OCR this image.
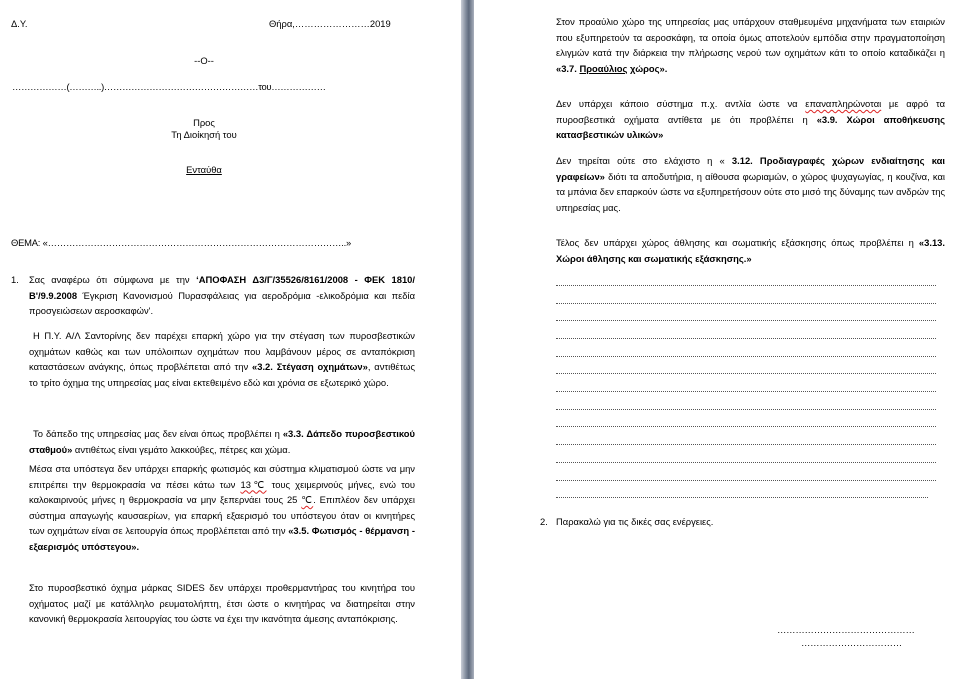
Δ.Υ.	Θήρα,……………………2019
--O--
………………(………..)……………………………………………του………………
Προς
Τη Διοίκησή του
Ενταύθα
ΘΕΜΑ: «……………………………………………………………………………………..»
1. Σας αναφέρω ότι σύμφωνα με την ‘ΑΠΟΦΑΣΗ Δ3/Γ/35526/8161/2008 - ΦΕΚ 1810/Β'/9.9.2008 Έγκριση Κανονισμού Πυρασφάλειας για αεροδρόμια -ελικοδρόμια και πεδία προσγειώσεων αεροσκαφών'.
Η Π.Υ. Α/Λ Σαντορίνης δεν παρέχει επαρκή χώρο για την στέγαση των πυροσβεστικών οχημάτων καθώς και των υπόλοιπων οχημάτων που λαμβάνουν μέρος σε ανταπόκριση καταστάσεων ανάγκης, όπως προβλέπεται από την «3.2. Στέγαση οχημάτων», αντιθέτως το τρίτο όχημα της υπηρεσίας μας είναι εκτεθειμένο εδώ και χρόνια σε εξωτερικό χώρο.
Το δάπεδο της υπηρεσίας μας δεν είναι όπως προβλέπει η «3.3. Δάπεδο πυροσβεστικού σταθμού» αντιθέτως είναι γεμάτο λακκούβες, πέτρες και χώμα.
Μέσα στα υπόστεγα δεν υπάρχει επαρκής φωτισμός και σύστημα κλιματισμού ώστε να μην επιτρέπει την θερμοκρασία να πέσει κάτω των 13℃ τους χειμερινούς μήνες, ενώ του καλοκαιρινούς μήνες η θερμοκρασία να μην ξεπερνάει τους 25 ℃. Επιπλέον δεν υπάρχει σύστημα απαγωγής καυσαερίων, για επαρκή εξαερισμό του υπόστεγου όταν οι κινητήρες των οχημάτων είναι σε λειτουργία όπως προβλέπεται από την «3.5. Φωτισμός - θέρμανση - εξαερισμός υπόστεγου».
Στο πυροσβεστικό όχημα μάρκας SIDES δεν υπάρχει προθερμαντήρας του κινητήρα του οχήματος μαζί με κατάλληλο ρευματολήπτη, έτσι ώστε ο κινητήρας να διατηρείται στην κανονική θερμοκρασία λειτουργίας του ώστε να έχει την ικανότητα άμεσης ανταπόκρισης.
Στον προαύλιο χώρο της υπηρεσίας μας υπάρχουν σταθμευμένα μηχανήματα των εταιριών που εξυπηρετούν τα αεροσκάφη, τα οποία όμως αποτελούν εμπόδια στην πραγματοποίηση ελιγμών κατά την διάρκεια την πλήρωσης νερού των οχημάτων κάτι το οποίο καταδικάζει η «3.7. Προαύλιος χώρος».
Δεν υπάρχει κάποιο σύστημα π.χ. αντλία ώστε να επαναπληρώνοται με αφρό τα πυροσβεστικά οχήματα αντίθετα με ότι προβλέπει η «3.9. Χώροι αποθήκευσης κατασβεστικών υλικών»
Δεν τηρείται ούτε στο ελάχιστο η « 3.12. Προδιαγραφές χώρων ενδιαίτησης και γραφείων» διότι τα αποδυτήρια, η αίθουσα φωριαμών, ο χώρος ψυχαγωγίας, η κουζίνα, και τα μπάνια δεν επαρκούν ώστε να εξυπηρετήσουν ούτε στο μισό της δύναμης των ανδρών της υπηρεσίας μας.
Τέλος δεν υπάρχει χώρος άθλησης και σωματικής εξάσκησης όπως προβλέπει η «3.13. Χώροι άθλησης και σωματικής εξάσκησης.»
2. Παρακαλώ για τις δικές σας ενέργειες.
………………………………………
……………………………
